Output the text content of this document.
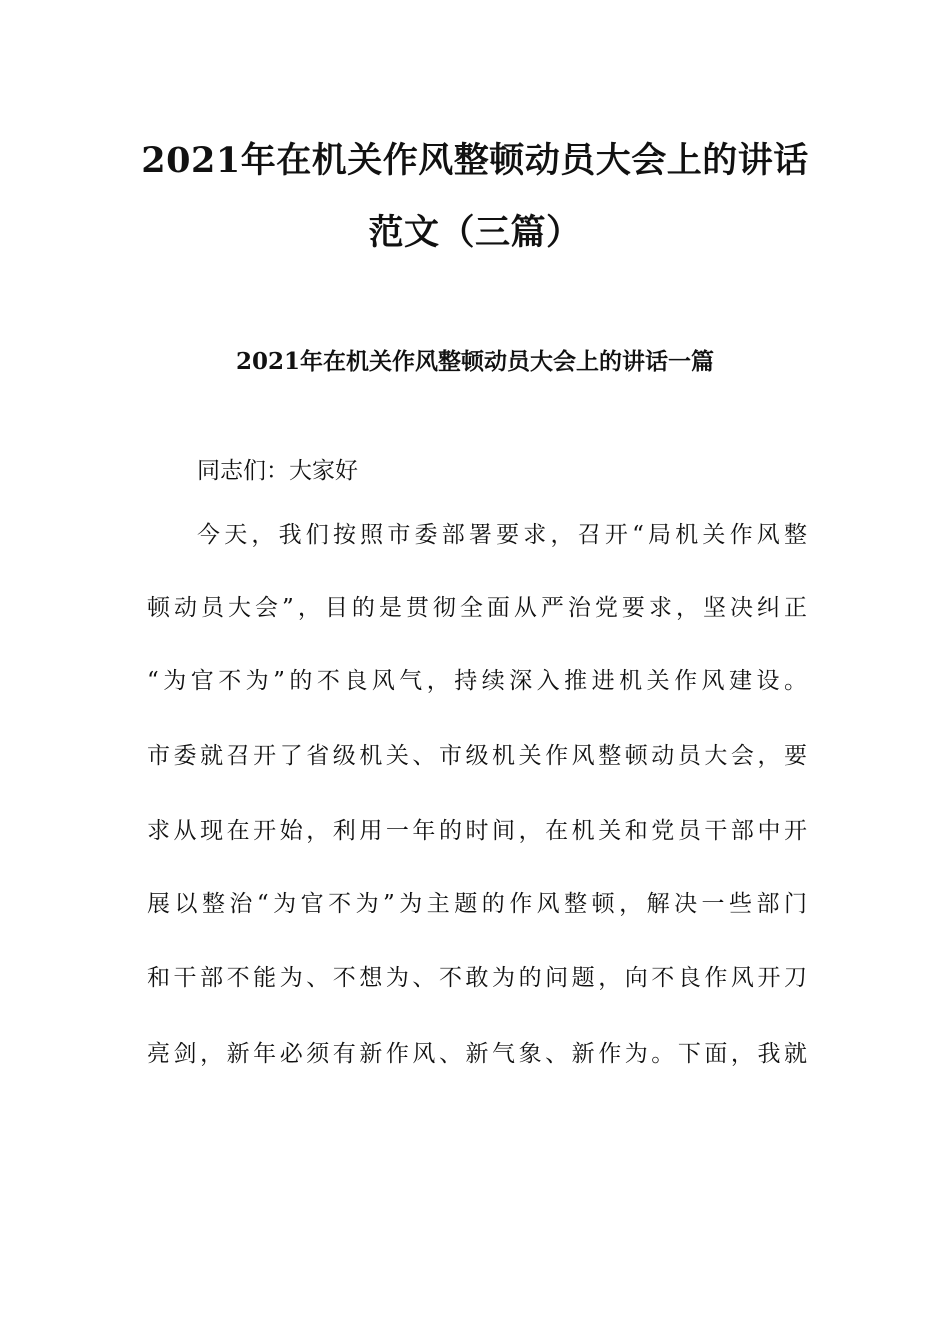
2021年在机关作风整顿动员大会上的讲话
范文（三篇）
2021年在机关作风整顿动员大会上的讲话一篇
同志们：大家好
今天，我们按照市委部署要求，召开“局机关作风整
顿动员大会”，目的是贯彻全面从严治党要求，坚决纠正
“为官不为”的不良风气，持续深入推进机关作风建设。
市委就召开了省级机关、市级机关作风整顿动员大会，要
求从现在开始，利用一年的时间，在机关和党员干部中开
展以整治“为官不为”为主题的作风整顿，解决一些部门
和干部不能为、不想为、不敢为的问题，向不良作风开刀
亮剑，新年必须有新作风、新气象、新作为。下面，我就
